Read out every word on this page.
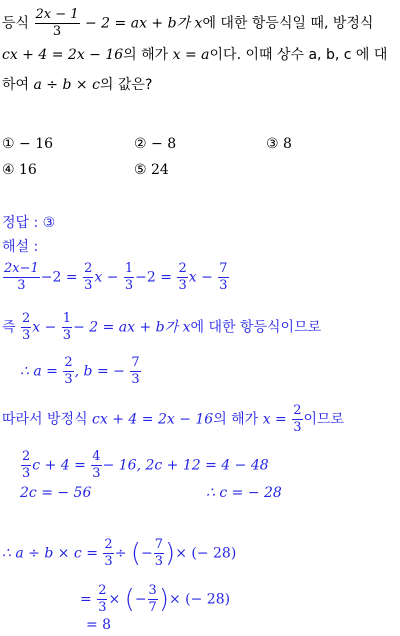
등식 $\frac{2x - 1}{3} - 2$ = ax + b가 x에 대한 항등식일 때, 방정식
cx + 4 = 2x − 16의 해가 x = a이다. 이때 상수 a, b, c 에 대
하여 a ÷ b × c의 값은?
① − 16	② − 8	③ 8
④ 16	⑤ 24
정답 : ③
해설 :
$\frac{2x-1}{3} -2 = \frac{2}{3}$ $x - \frac{1}{3} -2 = \frac{2}{3}$ $x - \frac{7}{3}$
즉 $\frac{2}{3}$ $x - \frac{1}{3} - 2$ = ax + b가 x에 대한 항등식이므로
∴ $a = \frac{2}{3}$ , b = − $\frac{7}{3}$
따라서 방정식 cx + 4 = 2x − 16의 해가 $x = \frac{2}{3}$ 이므로
$\frac{2}{3}$ $c + 4 = \frac{4}{3} - 16$, 2c + 12 = 4 − 48
2c = − 56	∴ c = − 28
∴ $a \div b \times c = \frac{2}{3}$ ÷ (− $\frac{7}{3}$ )× (− 28)
= $\frac{2}{3}$ × (− $\frac{3}{7}$ )× (− 28)
= 8
